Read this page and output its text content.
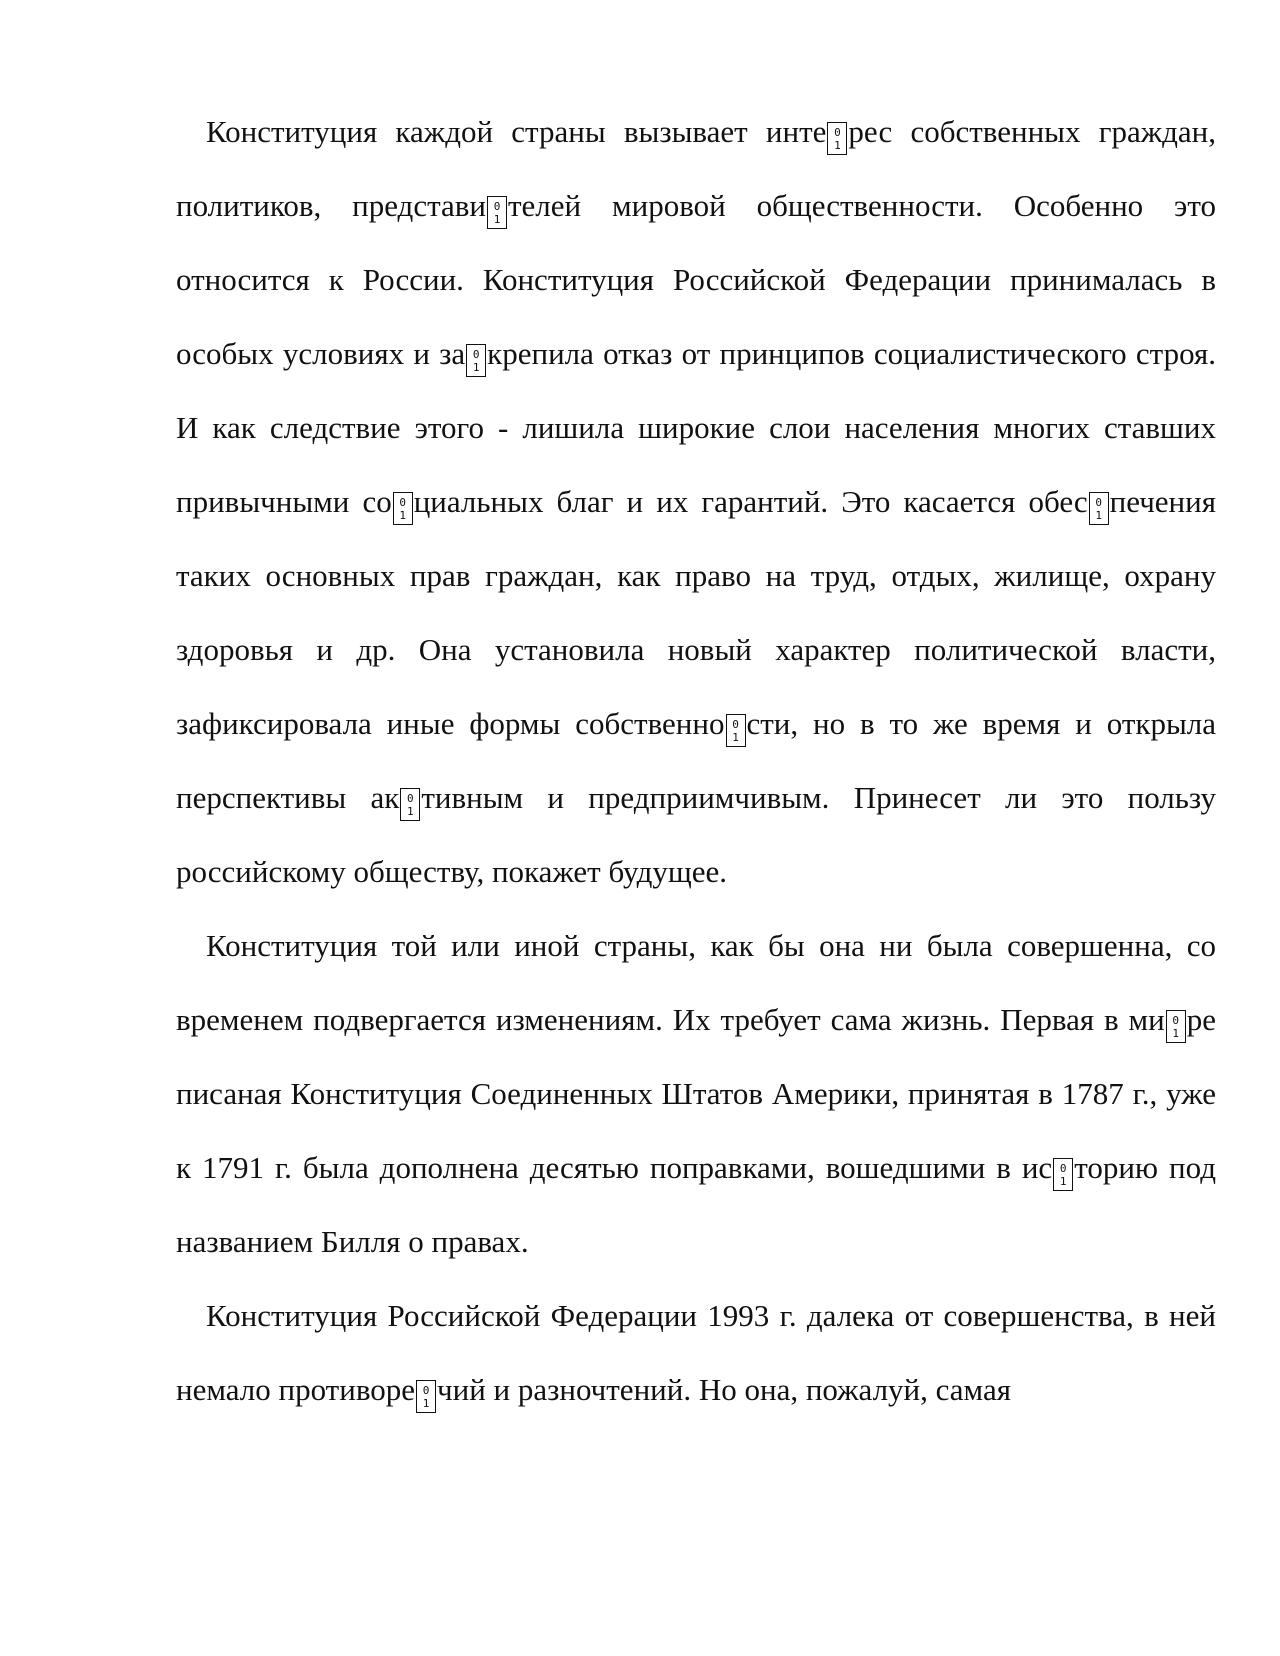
Конституция каждой страны вызывает инте 0
1 рес собственных граждан, политиков, представи 0
1 телей мировой общественности. Особенно это относится к России. Конституция Российской Федерации принималась в особых условиях и за 0
1 крепила отказ от принципов социалистического строя. И как следствие этого - лишила широкие слои населения многих ставших привычными со 0
1 циальных благ и их гарантий. Это касается обес 0
1 печения таких основных прав граждан, как право на труд, отдых, жилище, охрану здоровья и др. Она установила новый характер политической власти, зафиксировала иные формы собственно 0
1 сти, но в то же время и открыла перспективы ак 0
1 тивным и предприимчивым. Принесет ли это пользу российскому обществу, покажет будущее.

Конституция той или иной страны, как бы она ни была совершенна, со временем подвергается изменениям. Их требует сама жизнь. Первая в ми 0
1 ре писаная Конституция Соединенных Штатов Америки, принятая в 1787 г., уже к 1791 г. была дополнена десятью поправками, вошедшими в ис 0
1 торию под названием Билля о правах.

Конституция Российской Федерации 1993 г. далека от совершенства, в ней немало противоре 0
1 чий и разночтений. Но она, пожалуй, самая
